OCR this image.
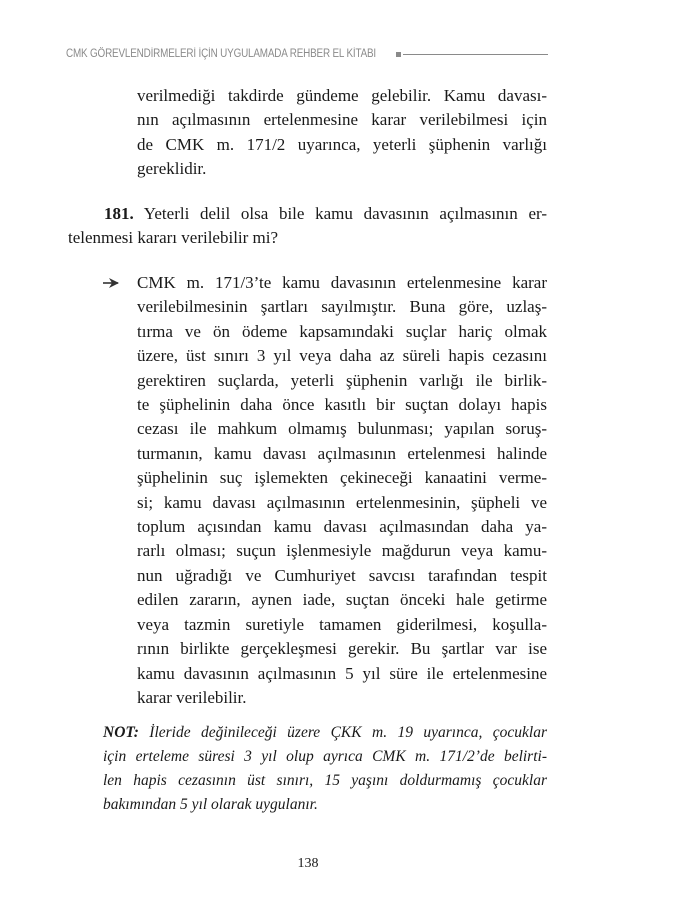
CMK GÖREVLENDİRMELERİ İÇİN UYGULAMADA REHBER EL KİTABI
verilmediği takdirde gündeme gelebilir. Kamu davası-
nın açılmasının ertelenmesine karar verilebilmesi için
de CMK m. 171/2 uyarınca, yeterli şüphenin varlığı
gereklidir.
181. Yeterli delil olsa bile kamu davasının açılmasının er-
telenmesi kararı verilebilir mi?
CMK m. 171/3’te kamu davasının ertelenmesine karar
verilebilmesinin şartları sayılmıştır. Buna göre, uzlaş-
tırma ve ön ödeme kapsamındaki suçlar hariç olmak
üzere, üst sınırı 3 yıl veya daha az süreli hapis cezasını
gerektiren suçlarda, yeterli şüphenin varlığı ile birlik-
te şüphelinin daha önce kasıtlı bir suçtan dolayı hapis
cezası ile mahkum olmamış bulunması; yapılan soruş-
turmanın, kamu davası açılmasının ertelenmesi halinde
şüphelinin suç işlemekten çekineceği kanaatini verme-
si; kamu davası açılmasının ertelenmesinin, şüpheli ve
toplum açısından kamu davası açılmasından daha ya-
rarlı olması; suçun işlenmesiyle mağdurun veya kamu-
nun uğradığı ve Cumhuriyet savcısı tarafından tespit
edilen zararın, aynen iade, suçtan önceki hale getirme
veya tazmin suretiyle tamamen giderilmesi, koşulla-
rının birlikte gerçekleşmesi gerekir. Bu şartlar var ise
kamu davasının açılmasının 5 yıl süre ile ertelenmesine
karar verilebilir.
NOT: İleride değinileceği üzere ÇKK m. 19 uyarınca, çocuklar
için erteleme süresi 3 yıl olup ayrıca CMK m. 171/2’de belirti-
len hapis cezasının üst sınırı, 15 yaşını doldurmamış çocuklar
bakımından 5 yıl olarak uygulanır.
138
